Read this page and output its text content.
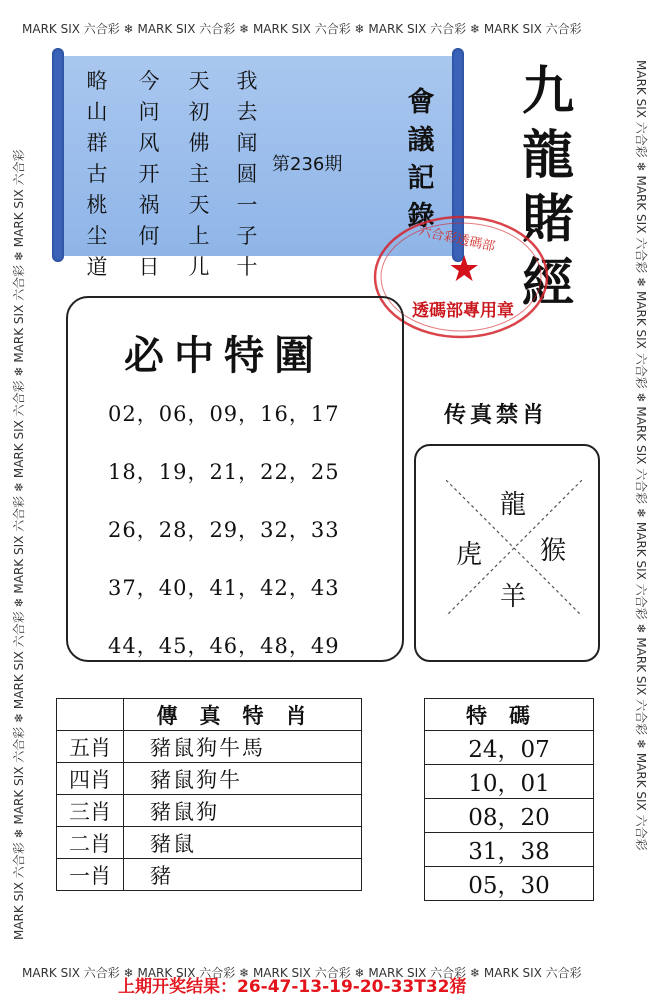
MARK SIX 六合彩 ❄ MARK SIX 六合彩 ❄ MARK SIX 六合彩 ❄ MARK SIX 六合彩 ❄ MARK SIX 六合彩
MARK SIX 六合彩 ❄ MARK SIX 六合彩 ❄ MARK SIX 六合彩 ❄ MARK SIX 六合彩 ❄ MARK SIX 六合彩
MARK SIX 六合彩 ❄ MARK SIX 六合彩 ❄ MARK SIX 六合彩 ❄ MARK SIX 六合彩 ❄ MARK SIX 六合彩 ❄ MARK SIX 六合彩 ❄ MARK SIX 六合彩
MARK SIX 六合彩 ❄ MARK SIX 六合彩 ❄ MARK SIX 六合彩 ❄ MARK SIX 六合彩 ❄ MARK SIX 六合彩 ❄ MARK SIX 六合彩 ❄ MARK SIX 六合彩
我去闻圆一子十
天初佛主天上儿
今问风开祸何日
略山群古桃尘道
第236期
會議記錄
九龍賭經
六合彩透碼部
★
透碼部專用章
必中特圍
02，06，09，16，17
18，19，21，22，25
26，28，29，32，33
37，40，41，42，43
44，45，46，48，49
传真禁肖
龍
虎 猴
羊
	傳真特肖
五肖	豬鼠狗牛馬
四肖	豬鼠狗牛
三肖	豬鼠狗
二肖	豬鼠
一肖	豬
特碼
24，07
10，01
08，20
31，38
05，30
上期开奖结果：26-47-13-19-20-33T32猪
